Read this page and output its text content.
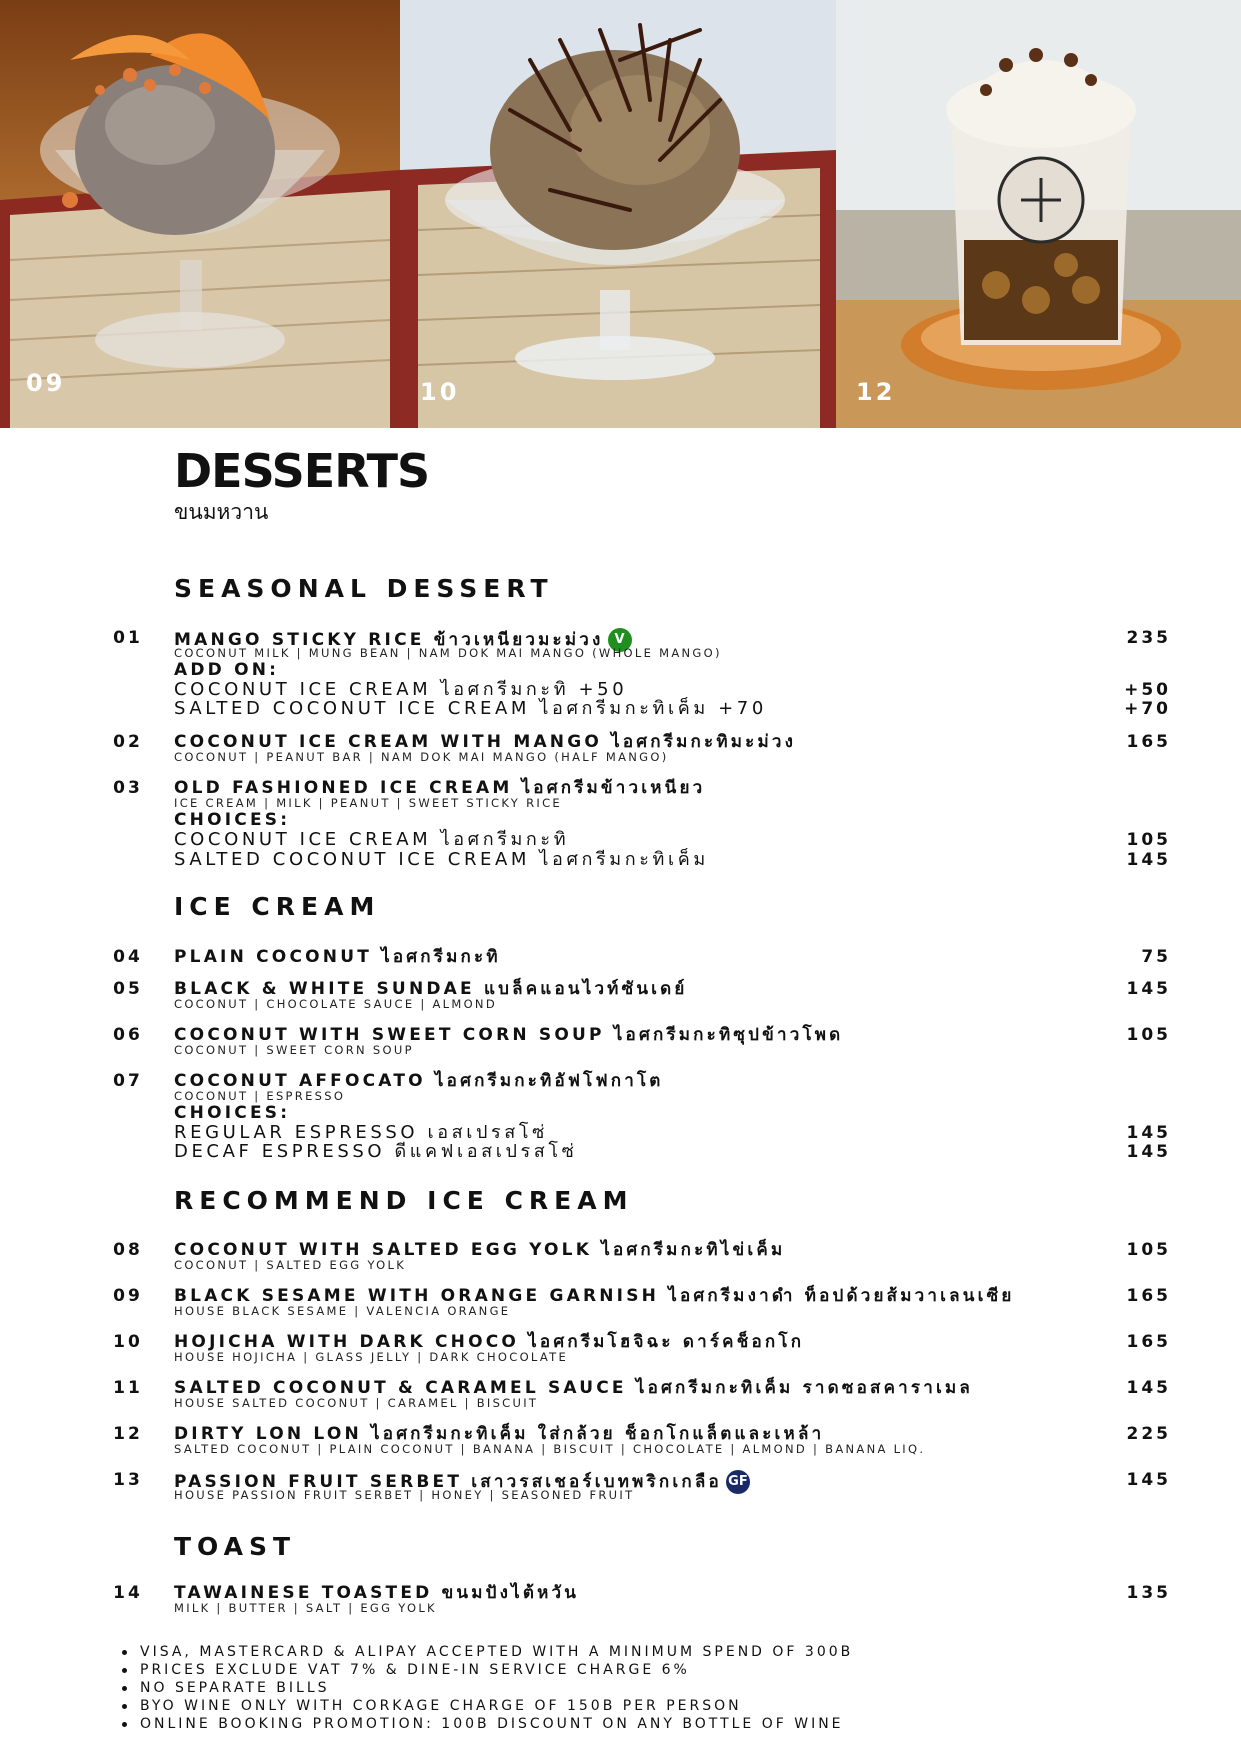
09	10	12
DESSERTS
ขนมหวาน
SEASONAL DESSERT
01	MANGO STICKY RICE ข้าวเหนียวมะม่วง V	235
COCONUT MILK | MUNG BEAN | NAM DOK MAI MANGO (WHOLE MANGO)
ADD ON:
COCONUT ICE CREAM ไอศกรีมกะทิ +50	+50
SALTED COCONUT ICE CREAM ไอศกรีมกะทิเค็ม +70	+70
02	COCONUT ICE CREAM WITH MANGO ไอศกรีมกะทิมะม่วง	165
COCONUT | PEANUT BAR | NAM DOK MAI MANGO (HALF MANGO)
03	OLD FASHIONED ICE CREAM ไอศกรีมข้าวเหนียว
ICE CREAM | MILK | PEANUT | SWEET STICKY RICE
CHOICES:
COCONUT ICE CREAM ไอศกรีมกะทิ	105
SALTED COCONUT ICE CREAM ไอศกรีมกะทิเค็ม	145
ICE CREAM
04	PLAIN COCONUT ไอศกรีมกะทิ	75
05	BLACK & WHITE SUNDAE แบล็คแอนไวท์ซันเดย์	145
COCONUT | CHOCOLATE SAUCE | ALMOND
06	COCONUT WITH SWEET CORN SOUP ไอศกรีมกะทิซุปข้าวโพด	105
COCONUT | SWEET CORN SOUP
07	COCONUT AFFOCATO ไอศกรีมกะทิอัฟโฟกาโต
COCONUT | ESPRESSO
CHOICES:
REGULAR ESPRESSO เอสเปรสโซ่	145
DECAF ESPRESSO ดีแคฟเอสเปรสโซ่	145
RECOMMEND ICE CREAM
08	COCONUT WITH SALTED EGG YOLK ไอศกรีมกะทิไข่เค็ม	105
COCONUT | SALTED EGG YOLK
09	BLACK SESAME WITH ORANGE GARNISH ไอศกรีมงาดำ ท็อปด้วยส้มวาเลนเซีย	165
HOUSE BLACK SESAME | VALENCIA ORANGE
10	HOJICHA WITH DARK CHOCO ไอศกรีมโฮจิฉะ ดาร์คช็อกโก	165
HOUSE HOJICHA | GLASS JELLY | DARK CHOCOLATE
11	SALTED COCONUT & CARAMEL SAUCE ไอศกรีมกะทิเค็ม ราดซอสคาราเมล	145
HOUSE SALTED COCONUT | CARAMEL | BISCUIT
12	DIRTY LON LON ไอศกรีมกะทิเค็ม ใส่กล้วย ช็อกโกแล็ตและเหล้า	225
SALTED COCONUT | PLAIN COCONUT | BANANA | BISCUIT | CHOCOLATE | ALMOND | BANANA LIQ.
13	PASSION FRUIT SERBET เสาวรสเชอร์เบทพริกเกลือ GF	145
HOUSE PASSION FRUIT SERBET | HONEY | SEASONED FRUIT
TOAST
14	TAWAINESE TOASTED ขนมปังไต้หวัน	135
MILK | BUTTER | SALT | EGG YOLK
VISA, MASTERCARD & ALIPAY ACCEPTED WITH A MINIMUM SPEND OF 300B
PRICES EXCLUDE VAT 7% & DINE-IN SERVICE CHARGE 6%
NO SEPARATE BILLS
BYO WINE ONLY WITH CORKAGE CHARGE OF 150B PER PERSON
ONLINE BOOKING PROMOTION: 100B DISCOUNT ON ANY BOTTLE OF WINE
